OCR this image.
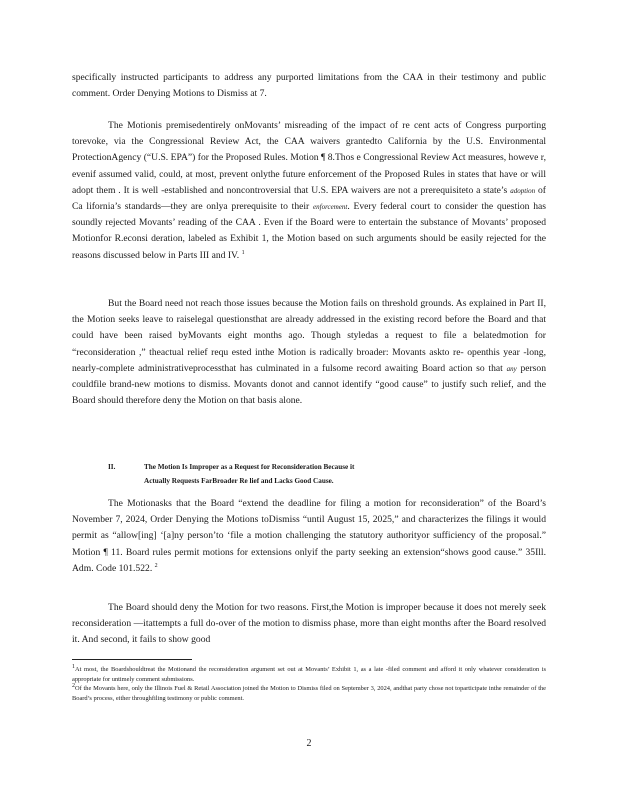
specifically instructed participants to address any purported limitations from the CAA in their testimony and public comment. Order Denying Motions to Dismiss at 7.

The Motionis premisedentirely onMovants’ misreading of the impact of re cent acts of Congress purporting torevoke, via the Congressional Review Act, the CAA waivers grantedto California by the U.S. Environmental ProtectionAgency (“U.S. EPA”) for the Proposed Rules. Motion ¶ 8.Thos e Congressional Review Act measures, howeve r, evenif assumed valid, could, at most, prevent onlythe future enforcement of the Proposed Rules in states that have or will adopt them . It is well -established and noncontroversial that U.S. EPA waivers are not a prerequisiteto a state’s adoption of Ca lifornia’s standards—they are onlya prerequisite to their enforcement. Every federal court to consider the question has soundly rejected Movants’ reading of the CAA . Even if the Board were to entertain the substance of Movants’ proposed Motionfor R.econsi deration, labeled as Exhibit 1, the Motion based on such arguments should be easily rejected for the reasons discussed below in Parts III and IV. $^1$

But the Board need not reach those issues because the Motion fails on threshold grounds. As explained in Part II, the Motion seeks leave to raiselegal questionsthat are already addressed in the existing record before the Board and that could have been raised byMovants eight months ago. Though styledas a request to file a belatedmotion for “reconsideration ,” theactual relief requ ested inthe Motion is radically broader: Movants askto re- openthis year -long, nearly-complete administrativeprocessthat has culminated in a fulsome record awaiting Board action so that any person couldfile brand-new motions to dismiss. Movants donot and cannot identify “good cause” to justify such relief, and the Board should therefore deny the Motion on that basis alone.

II.	The Motion Is Improper as a Request for Reconsideration Because it
Actually Requests FarBroader Re lief and Lacks Good Cause.

The Motionasks that the Board “extend the deadline for filing a motion for reconsideration” of the Board’s November 7, 2024, Order Denying the Motions toDismiss “until August 15, 2025,” and characterizes the filings it would permit as “allow[ing] ‘[a]ny person’to ‘file a motion challenging the statutory authorityor sufficiency of the proposal.” Motion ¶ 11. Board rules permit motions for extensions onlyif the party seeking an extension“shows good cause.” 35Ill. Adm. Code 101.522. $^2$

The Board should deny the Motion for two reasons. First,the Motion is improper because it does not merely seek reconsideration —itattempts a full do-over of the motion to dismiss phase, more than eight months after the Board resolved it. And second, it fails to show good

1At most, the Boardshouldtreat the Motionand the reconsideration argument set out at Movants’ Exhibit 1, as a late -filed comment and afford it only whatever consideration is appropriate for untimely comment submissions.

2Of the Movants here, only the Illinois Fuel & Retail Association joined the Motion to Dismiss filed on September 3, 2024, andthat party chose not toparticipate inthe remainder of the Board’s process, either throughfiling testimony or public comment.

2
